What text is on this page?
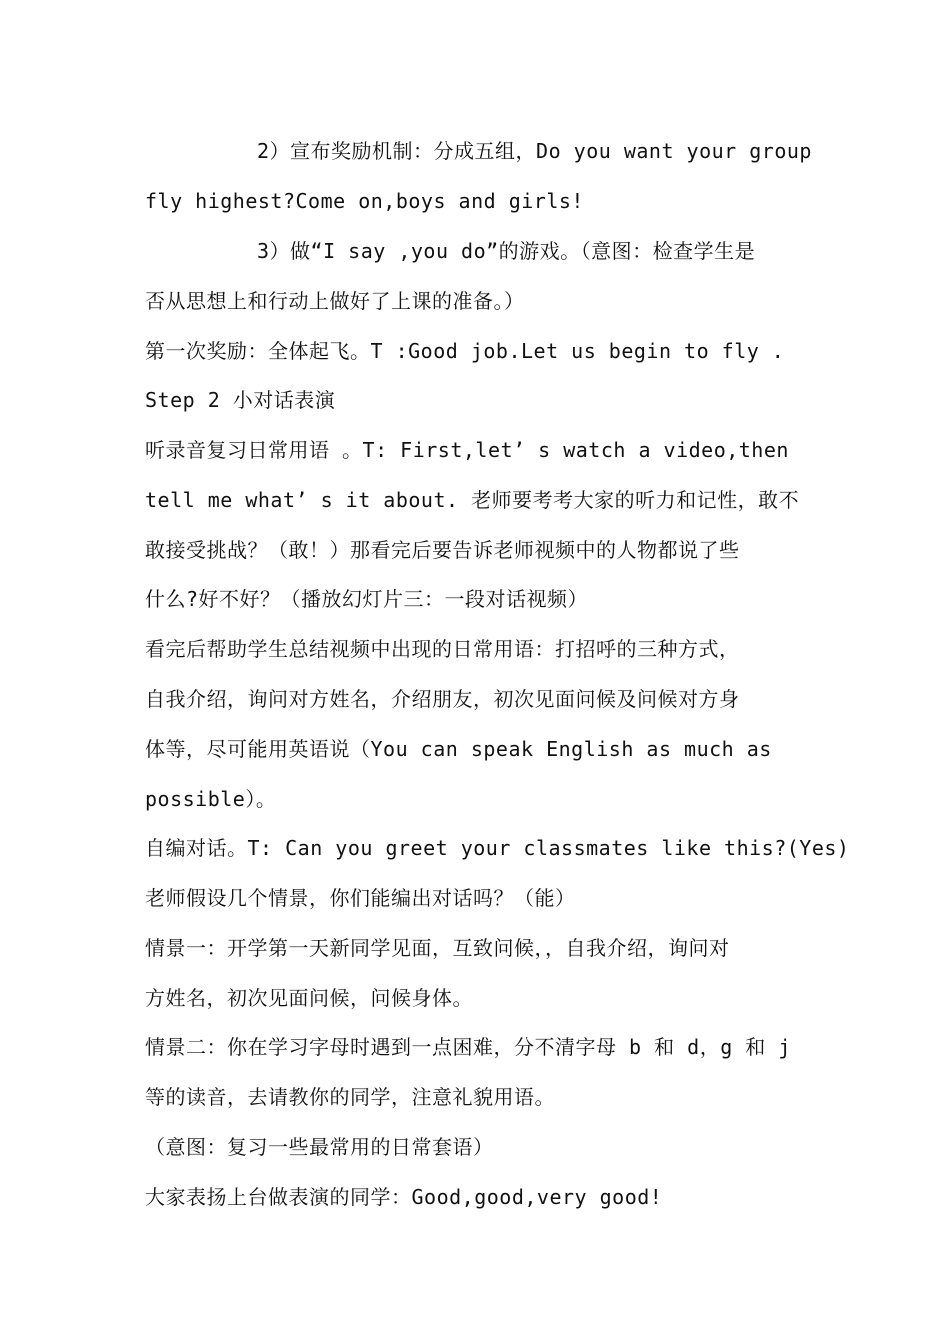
2）宣布奖励机制：分成五组，Do you want your group

fly highest?Come on,boys and girls!

3）做“I say ,you do”的游戏。（意图：检查学生是

否从思想上和行动上做好了上课的准备。）

第一次奖励：全体起飞。T :Good job.Let us begin to fly .

Step 2 小对话表演

听录音复习日常用语 。T: First,let’ s watch a video,then

tell me what’ s it about. 老师要考考大家的听力和记性，敢不

敢接受挑战？（敢！）那看完后要告诉老师视频中的人物都说了些

什么?好不好？（播放幻灯片三：一段对话视频）

看完后帮助学生总结视频中出现的日常用语：打招呼的三种方式，

自我介绍，询问对方姓名，介绍朋友，初次见面问候及问候对方身

体等，尽可能用英语说（You can speak English as much as

possible）。

自编对话。T: Can you greet your classmates like this?(Yes)

老师假设几个情景，你们能编出对话吗？（能）

情景一：开学第一天新同学见面，互致问候，，自我介绍，询问对

方姓名，初次见面问候，问候身体。

情景二：你在学习字母时遇到一点困难，分不清字母 b 和 d，g 和 j

等的读音，去请教你的同学，注意礼貌用语。

（意图：复习一些最常用的日常套语）

大家表扬上台做表演的同学：Good,good,very good!
